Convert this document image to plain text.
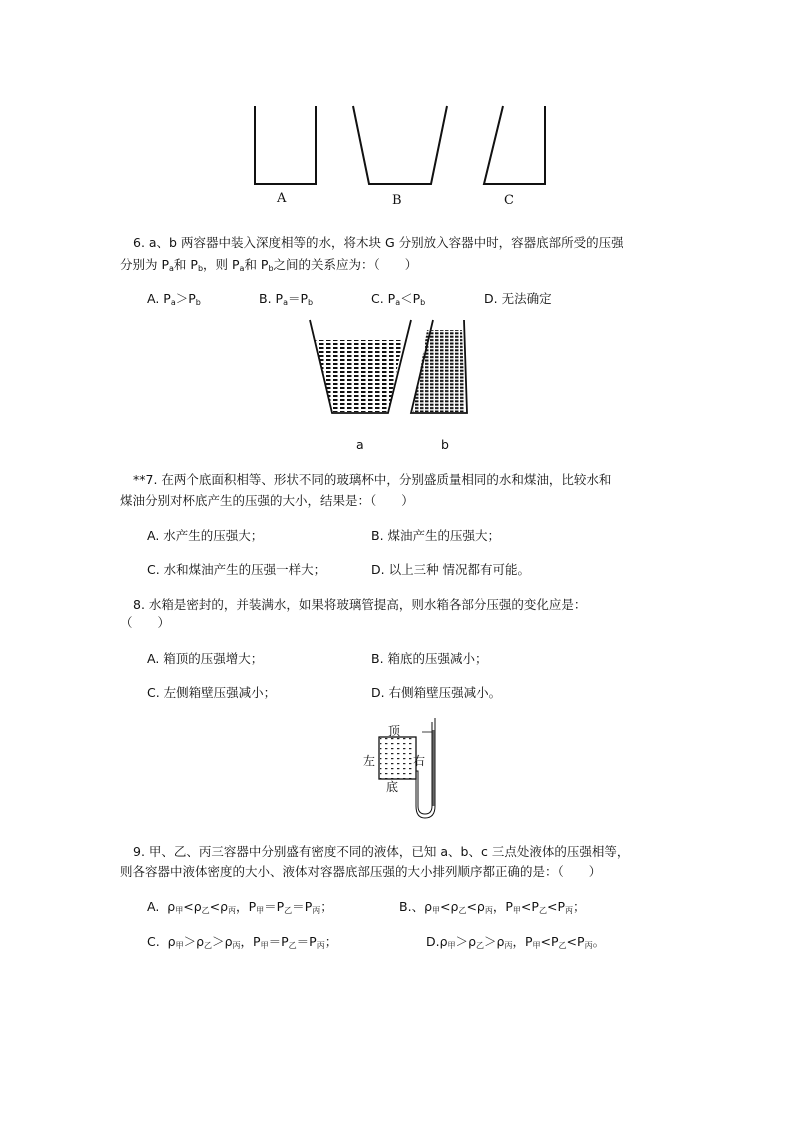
A	B	C
6. a、b 两容器中装入深度相等的水，将木块 G 分别放入容器中时，容器底部所受的压强
分别为 $P_a$和 $P_b$，则 $P_a$和 $P_b$之间的关系应为：（　　）
A. $P_a>P_b$	B. $P_a=P_b$	C. $P_a<P_b$	D. 无法确定
a	b
**7. 在两个底面积相等、形状不同的玻璃杯中，分别盛质量相同的水和煤油，比较水和
煤油分别对杯底产生的压强的大小，结果是：（　　）
A. 水产生的压强大；	B. 煤油产生的压强大；
C. 水和煤油产生的压强一样大；	D. 以上三种 情况都有可能。
8. 水箱是密封的，并装满水，如果将玻璃管提高，则水箱各部分压强的变化应是：
（　　）
A. 箱顶的压强增大；	B. 箱底的压强减小；
C. 左侧箱壁压强减小；	D. 右侧箱壁压强减小。
顶
左	右
底
9. 甲、乙、丙三容器中分别盛有密度不同的液体，已知 a、b、c 三点处液体的压强相等，
则各容器中液体密度的大小、液体对容器底部压强的大小排列顺序都正确的是：（　　）
A. ρ甲<ρ乙<ρ丙，P甲＝P乙＝P丙；	B.、ρ甲<ρ乙<ρ丙，P甲<P乙<P丙；
C. ρ甲＞ρ乙＞ρ丙，P甲＝P乙＝P丙；	D.ρ甲＞ρ乙＞ρ丙，P甲<P乙<P丙。
